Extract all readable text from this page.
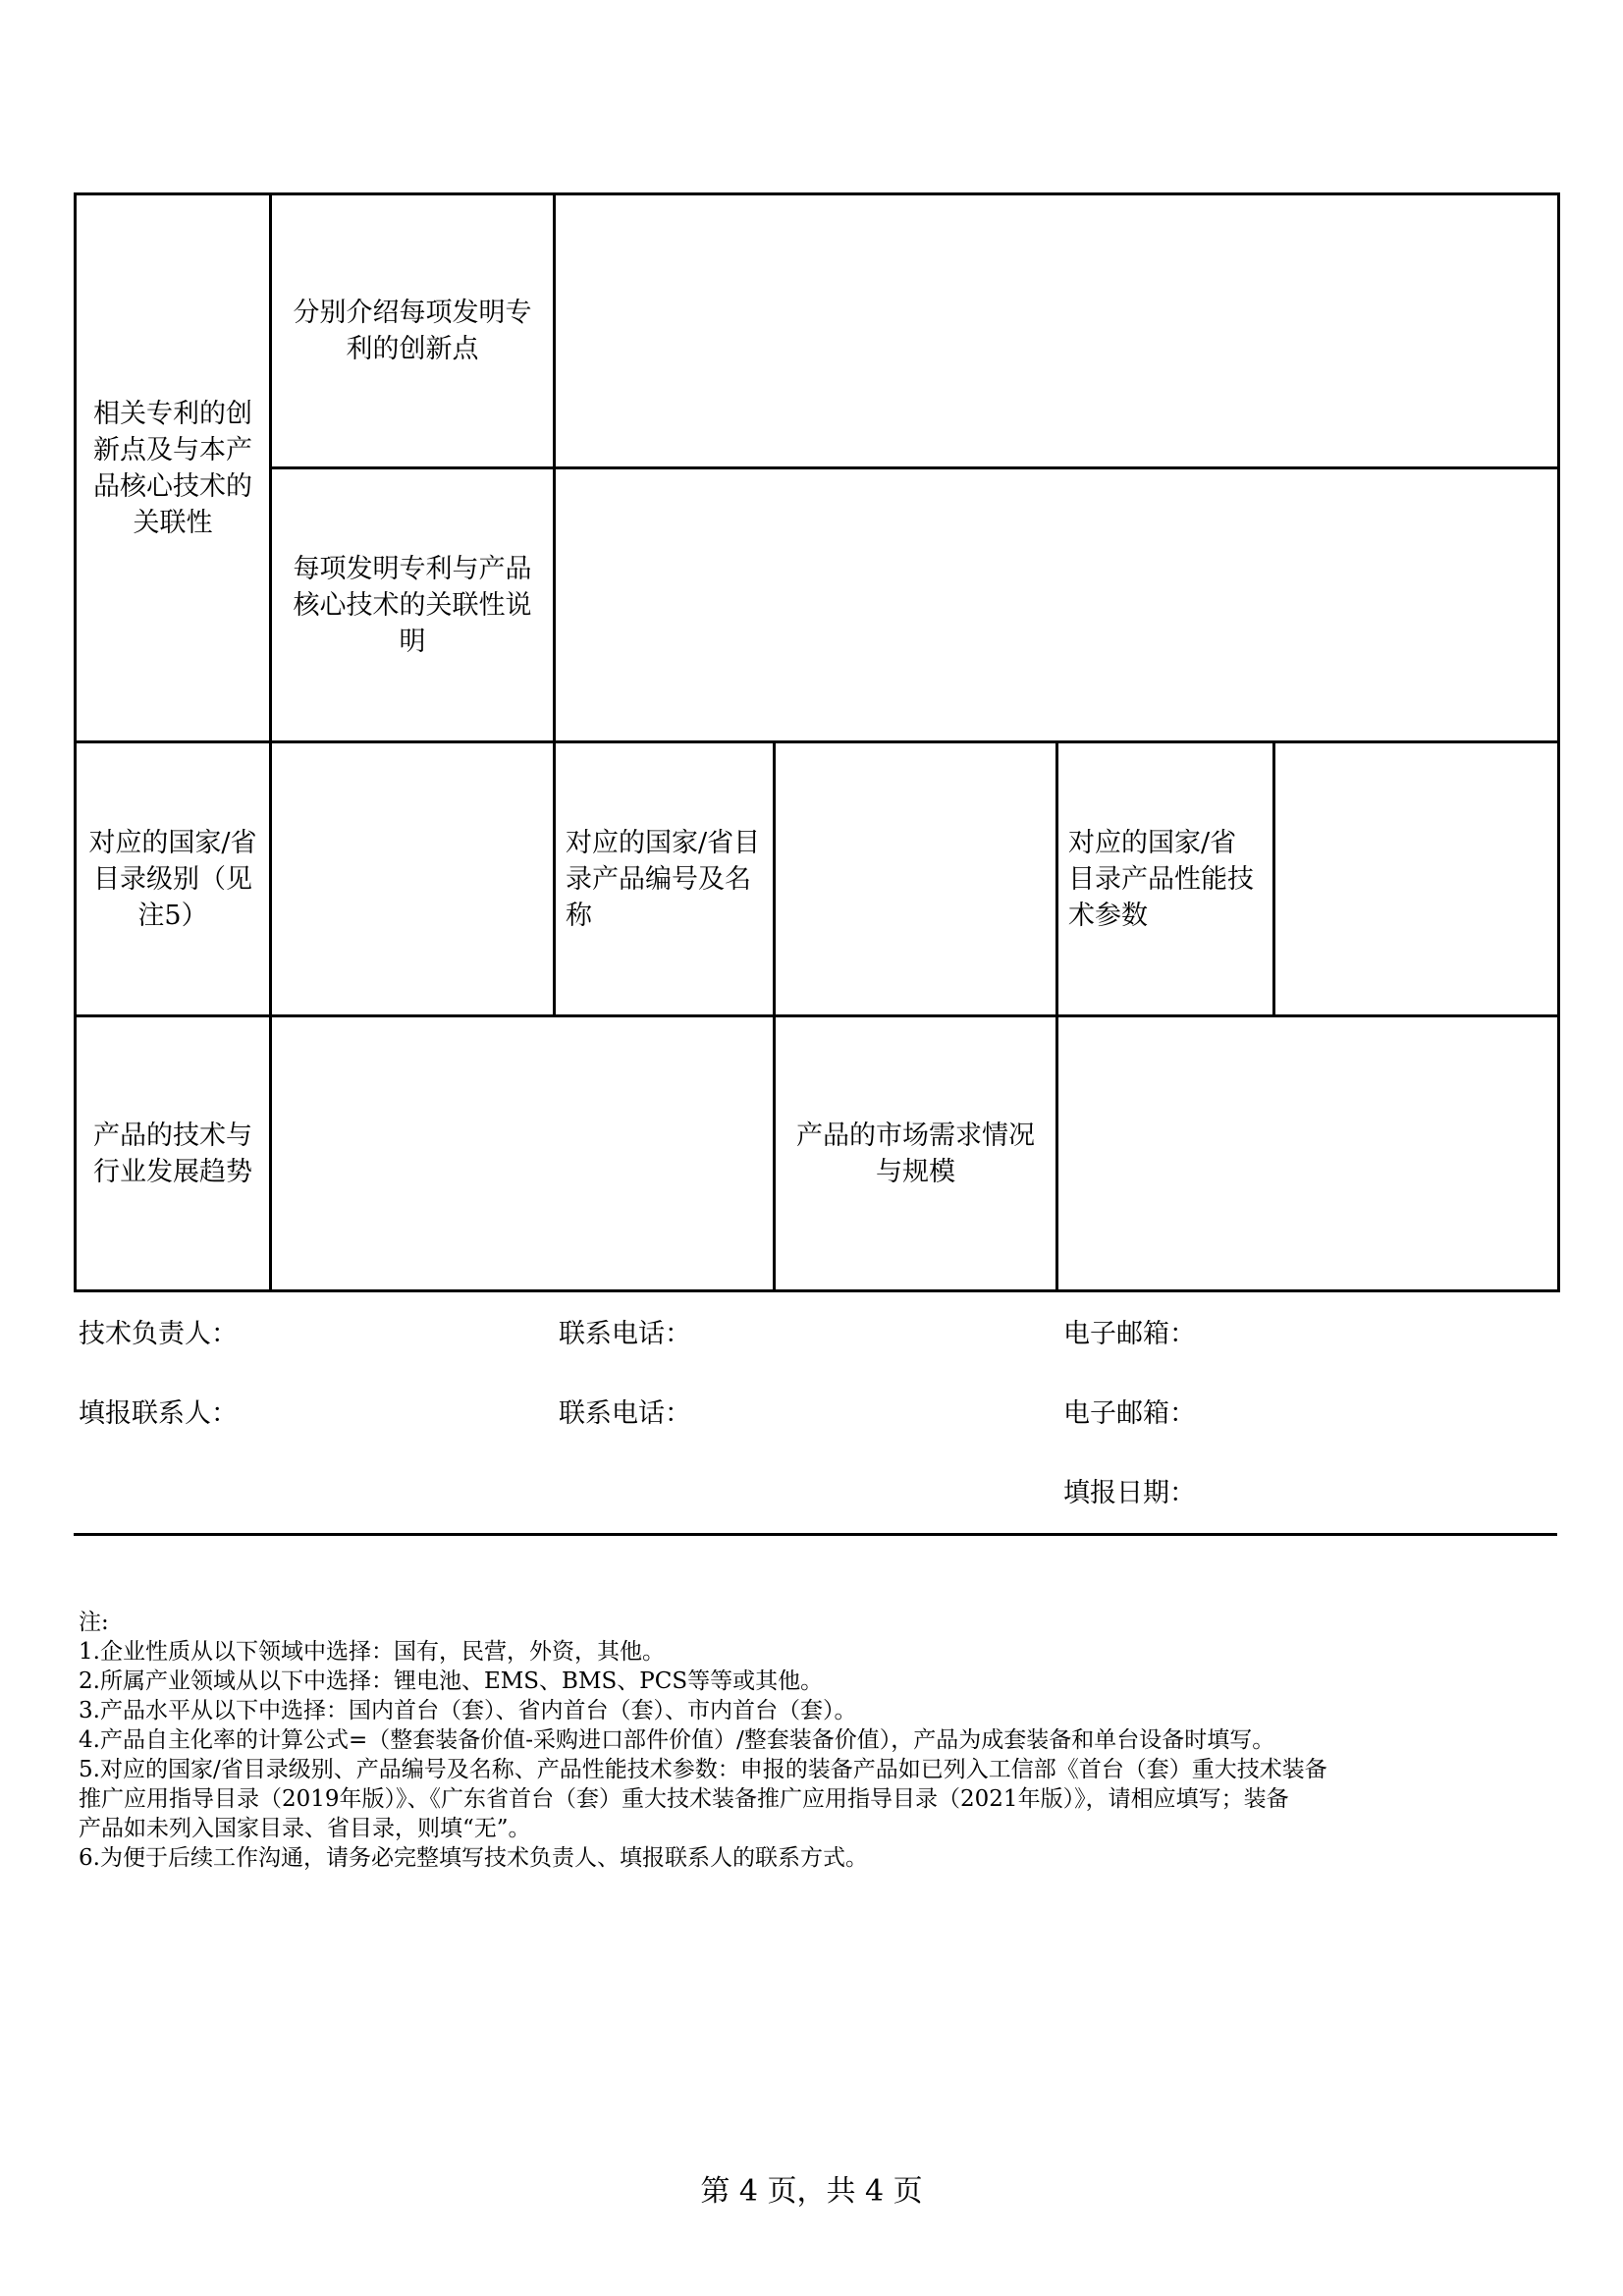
相关专利的创新点及与本产品核心技术的关联性	分别介绍每项发明专利的创新点				
	每项发明专利与产品核心技术的关联性说明				
对应的国家/省目录级别（见注5）		对应的国家/省目录产品编号及名称		对应的国家/省目录产品性能技术参数	
产品的技术与行业发展趋势			产品的市场需求情况与规模		
技术负责人：	联系电话：	电子邮箱：
填报联系人：	联系电话：	电子邮箱：
填报日期：
注:
1.企业性质从以下领域中选择：国有，民营，外资，其他。
2.所属产业领域从以下中选择：锂电池、EMS、BMS、PCS等等或其他。
3.产品水平从以下中选择：国内首台（套）、省内首台（套）、市内首台（套）。
4.产品自主化率的计算公式=（整套装备价值-采购进口部件价值）/整套装备价值），产品为成套装备和单台设备时填写。
5.对应的国家/省目录级别、产品编号及名称、产品性能技术参数：申报的装备产品如已列入工信部《首台（套）重大技术装备
推广应用指导目录（2019年版）》、《广东省首台（套）重大技术装备推广应用指导目录（2021年版）》，请相应填写；装备
产品如未列入国家目录、省目录，则填“无”。
6.为便于后续工作沟通，请务必完整填写技术负责人、填报联系人的联系方式。
第 4 页，共 4 页
